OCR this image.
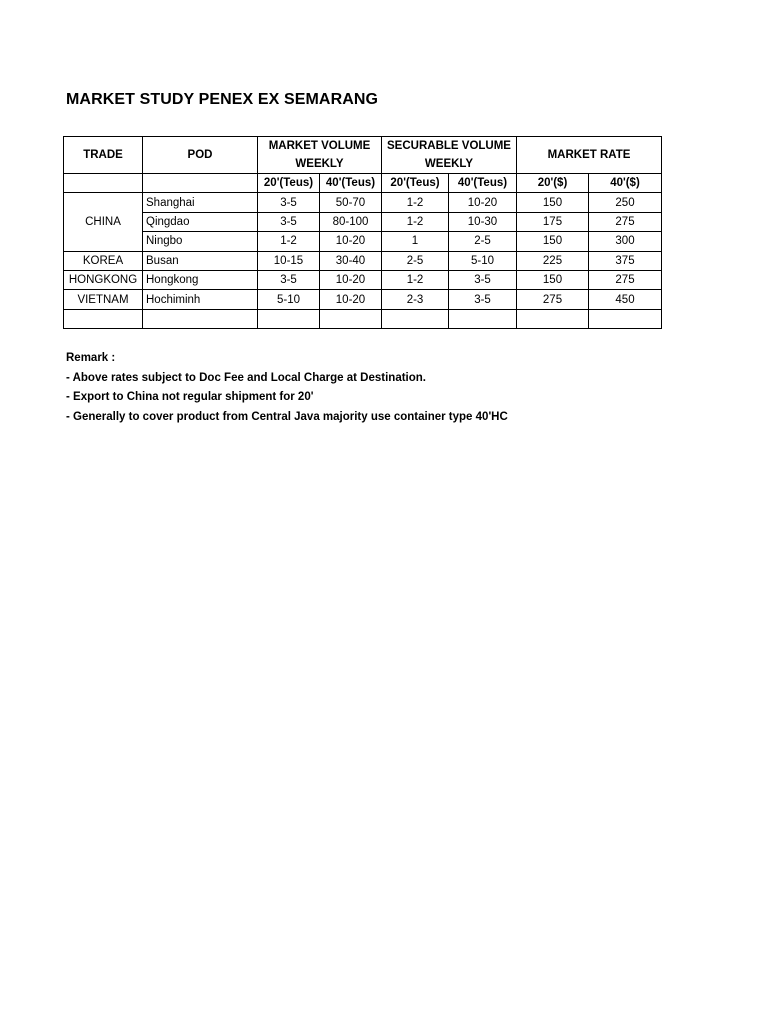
MARKET STUDY PENEX EX SEMARANG
TRADE	POD	MARKET VOLUME WEEKLY	SECURABLE VOLUME WEEKLY	MARKET RATE
		20'(Teus)	40'(Teus)	20'(Teus)	40'(Teus)	20'($)	40'($)
CHINA	Shanghai	3-5	50-70	1-2	10-20	150	250
	Qingdao	3-5	80-100	1-2	10-30	175	275
	Ningbo	1-2	10-20	1	2-5	150	300
KOREA	Busan	10-15	30-40	2-5	5-10	225	375
HONGKONG	Hongkong	3-5	10-20	1-2	3-5	150	275
VIETNAM	Hochiminh	5-10	10-20	2-3	3-5	275	450

Remark :
- Above rates subject to Doc Fee and Local Charge at Destination.
- Export to China not regular shipment for 20'
- Generally to cover product from Central Java majority use container type 40'HC
